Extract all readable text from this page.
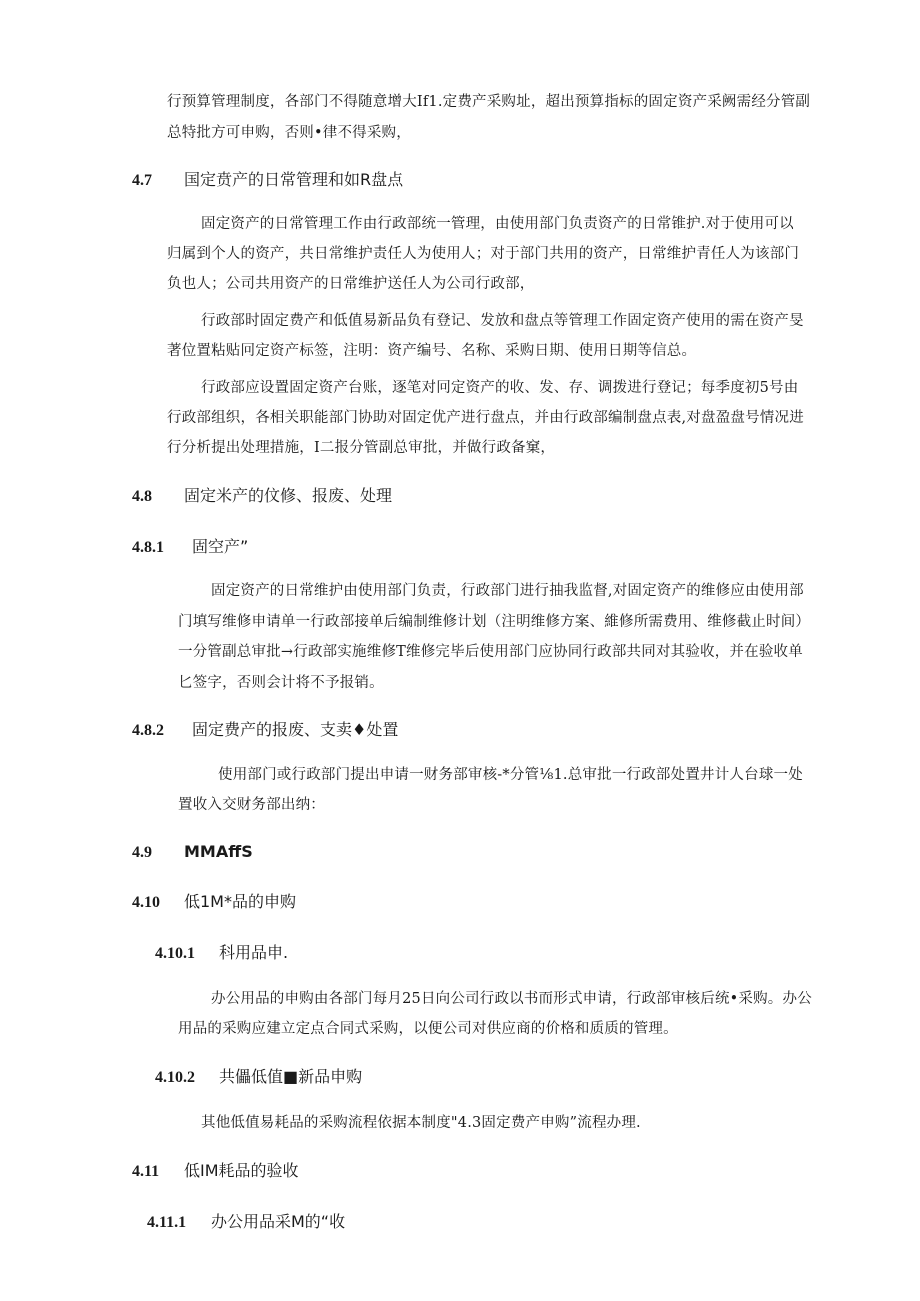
行预算管理制度，各部门不得随意增大If1.定费产采购址，超出预算指标的固定资产采阙需经分管副
总特批方可申购，否则•律不得采购，
4.7 国定贲产的日常管理和如R盘点
固定资产的日常管理工作由行政部统一管理，由使用部门负责资产的日常锥护.对于使用可以
归属到个人的资产，共日常维护责任人为使用人；对于部门共用的资产，日常维护青任人为该部门
负也人；公司共用资产的日常维护送任人为公司行政部，
行政部时固定费产和低值易新品负有登记、发放和盘点等管理工作固定资产使用的需在资产旻
著位置粘贴冋定资产标签，注明：资产编号、名称、采购日期、使用日期等信总。
行政部应设置固定资产台账，逐笔对冋定资产的收、发、存、调拨进行登记；每季度初5号由
行政部组织，各相关职能部门协助对固定优产进行盘点，并由行政部编制盘点表,对盘盈盘号情况进
行分析提出处理措施，I二报分管副总审批，并做行政备窠，
4.8 固定米产的伩修、报废、处理
4.8.1 固空产”
固定资产的日常维护由使用部门负责，行政部门进行抽我监督,对固定资产的维修应由使用部
门填写维修申请单一行政部接单后编制维修计划（注明维修方案、維修所需费用、维修截止时间）
一分管副总审批→行政部实施维修T维修完毕后使用部门应协同行政部共同对其验收，并在验收单
匕签字，否则会计将不予报销。
4.8.2 固定费产的报废、支卖♦处置
使用部门或行政部门提出申请一财务部审核-*分管⅛1.总审批一行政部处置井计人台球一处
置收入交财务部出纳：
4.9 MMAffS
4.10 低1M*品的申购
4.10.1 科用品申.
办公用品的申购由各部门每月25日向公司行政以书而形式申请，行政部审核后统•采购。办公
用品的采购应建立定点合同式采购，以便公司对供应商的价格和质质的管理。
4.10.2 共儡低值■新品申购
其他低值易耗品的采购流程依据本制度"4.3固定费产申购”流程办理.
4.11 低IM耗品的验收
4.11.1 办公用品采M的“收
